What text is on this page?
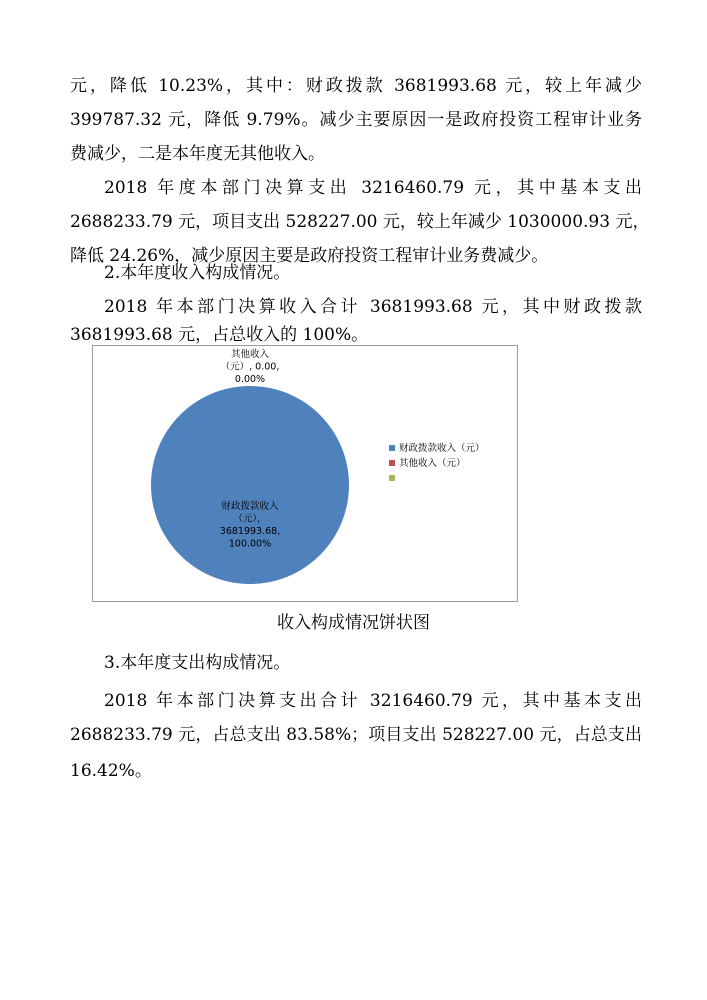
元，降低 10.23%，其中：财政拨款 3681993.68 元，较上年减少
399787.32 元，降低 9.79%。减少主要原因一是政府投资工程审计业务
费减少，二是本年度无其他收入。
2018 年度本部门决算支出 3216460.79 元，其中基本支出
2688233.79 元，项目支出 528227.00 元，较上年减少 1030000.93 元，
降低 24.26%，减少原因主要是政府投资工程审计业务费减少。
2.本年度收入构成情况。
2018 年本部门决算收入合计 3681993.68 元，其中财政拨款
3681993.68 元，占总收入的 100%。
财政拨款收入
（元），
3681993.68,
100.00%
其他收入
（元）, 0.00,
0.00%
财政拨款收入（元）
其他收入（元）
收入构成情况饼状图
3.本年度支出构成情况。
2018 年本部门决算支出合计 3216460.79 元，其中基本支出
2688233.79 元，占总支出 83.58%；项目支出 528227.00 元，占总支出
16.42%。
